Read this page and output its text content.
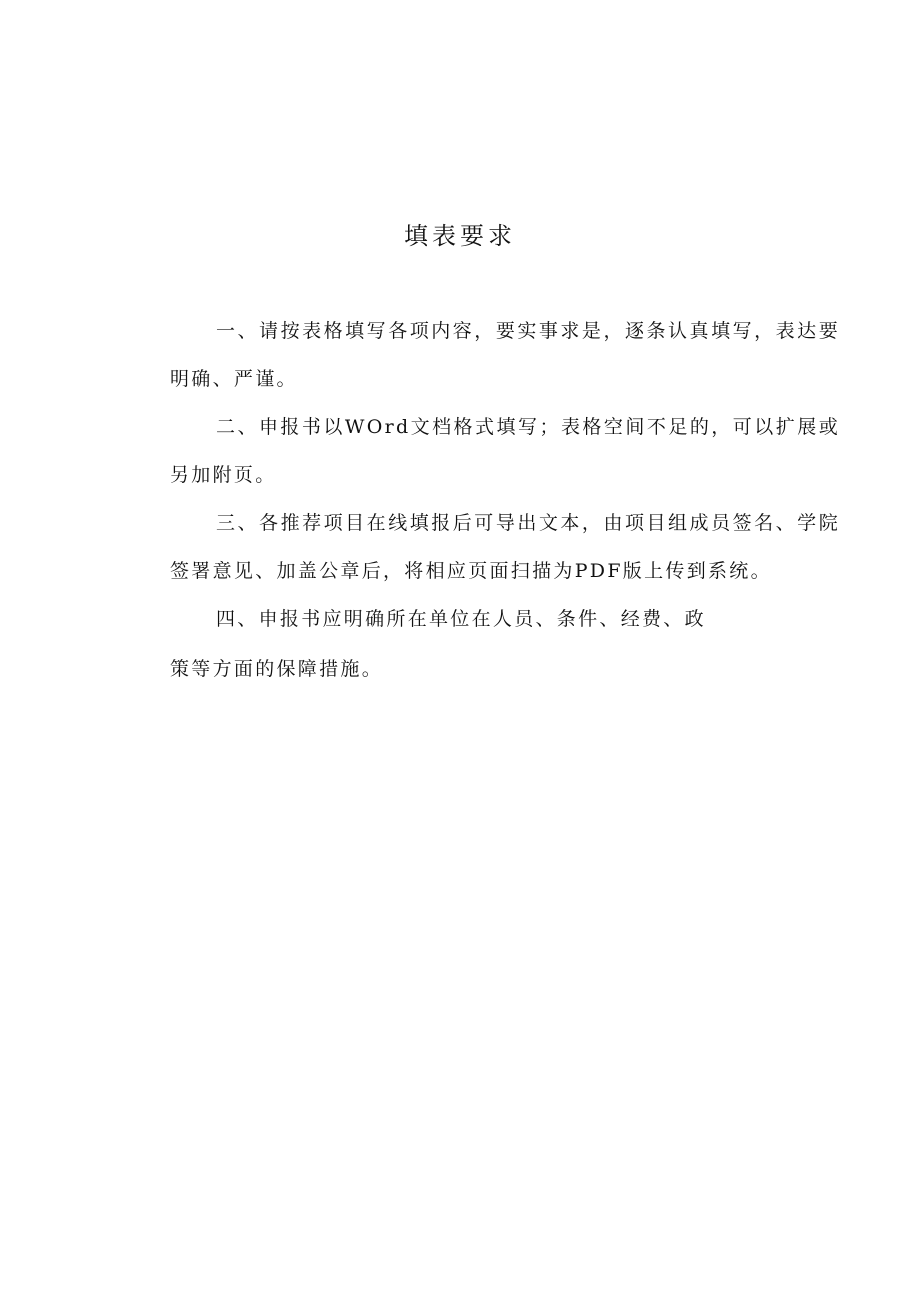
填表要求

一、请按表格填写各项内容，要实事求是，逐条认真填写，表达要明确、严谨。

二、申报书以WOrd文档格式填写；表格空间不足的，可以扩展或另加附页。

三、各推荐项目在线填报后可导出文本，由项目组成员签名、学院签署意见、加盖公章后，将相应页面扫描为PDF版上传到系统。

四、申报书应明确所在单位在人员、条件、经费、政
策等方面的保障措施。
